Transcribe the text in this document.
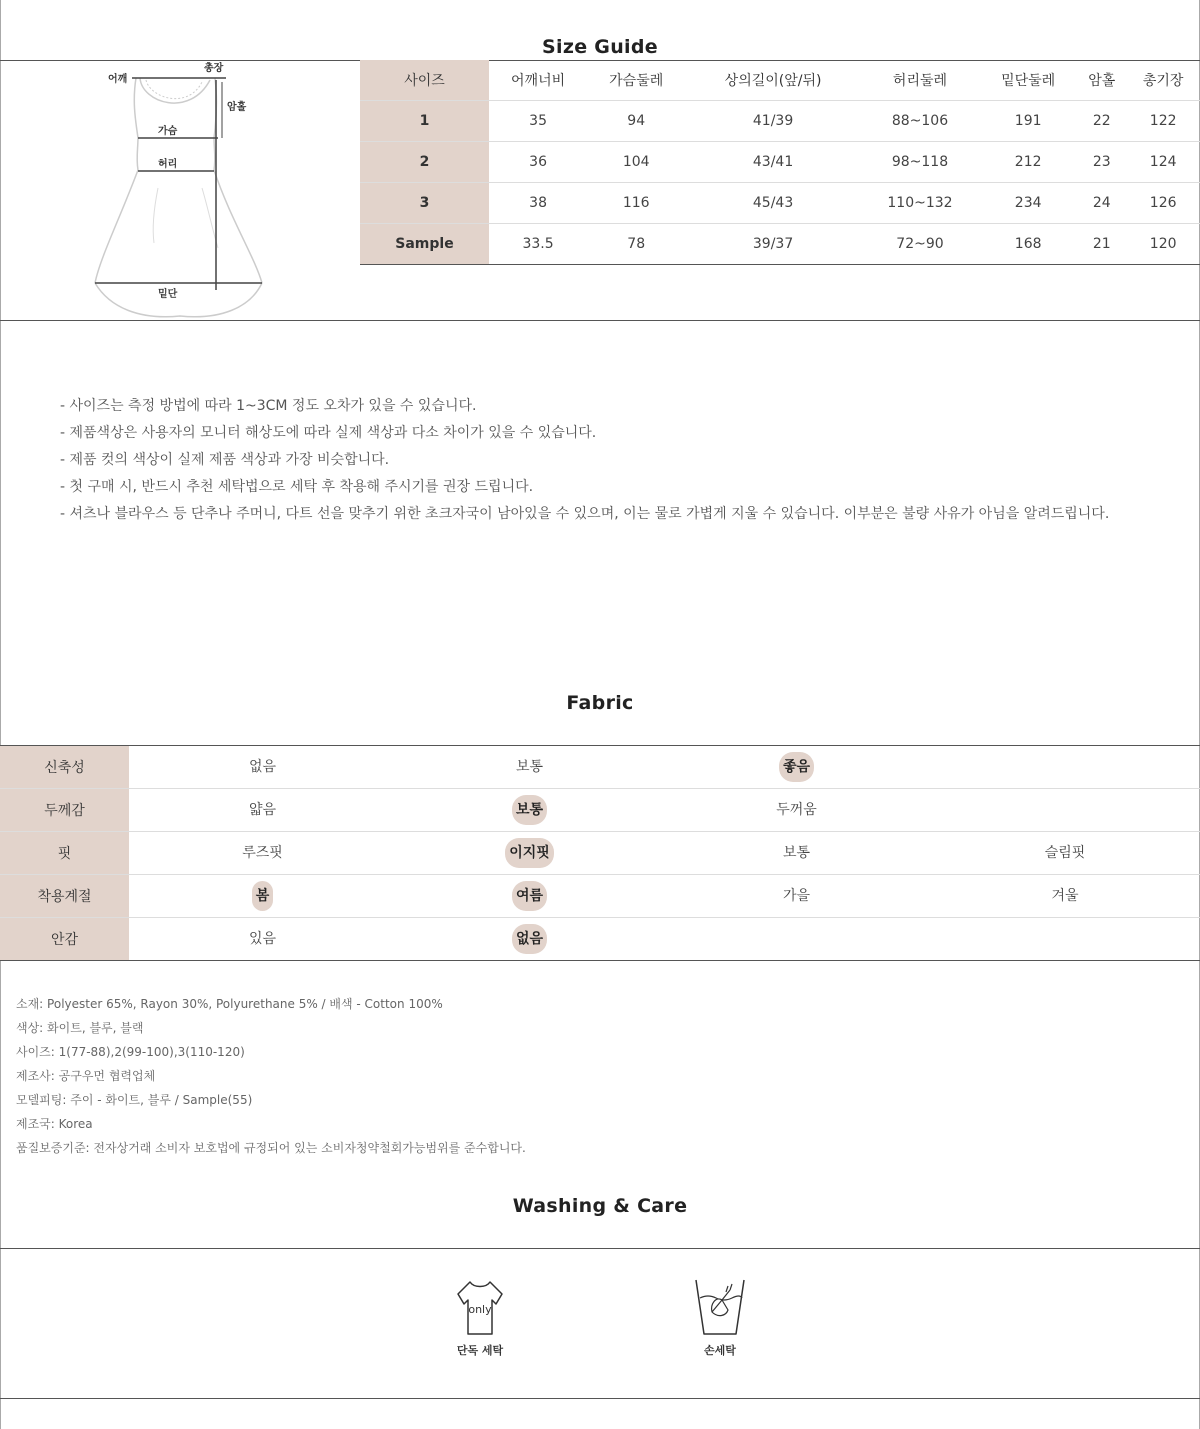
Size Guide
어깨
총장
암홀
가슴
허리
밑단
사이즈	어깨너비	가슴둘레	상의길이(앞/뒤)	허리둘레	밑단둘레	암홀	총기장
1	35	94	41/39	88~106	191	22	122
2	36	104	43/41	98~118	212	23	124
3	38	116	45/43	110~132	234	24	126
Sample	33.5	78	39/37	72~90	168	21	120
- 사이즈는 측정 방법에 따라 1~3CM 정도 오차가 있을 수 있습니다.
- 제품색상은 사용자의 모니터 해상도에 따라 실제 색상과 다소 차이가 있을 수 있습니다.
- 제품 컷의 색상이 실제 제품 색상과 가장 비슷합니다.
- 첫 구매 시, 반드시 추천 세탁법으로 세탁 후 착용해 주시기를 권장 드립니다.
- 셔츠나 블라우스 등 단추나 주머니, 다트 선을 맞추기 위한 초크자국이 남아있을 수 있으며, 이는 물로 가볍게 지울 수 있습니다. 이부분은 불량 사유가 아님을 알려드립니다.
Fabric
신축성	없음	보통	좋음	
두께감	얇음	보통	두꺼움	
핏	루즈핏	이지핏	보통	슬림핏
착용계절	봄	여름	가을	겨울
안감	있음	없음		
소재: Polyester 65%, Rayon 30%, Polyurethane 5% / 배색 - Cotton 100%
색상: 화이트, 블루, 블랙
사이즈: 1(77-88),2(99-100),3(110-120)
제조사: 공구우먼 협력업체
모델피팅: 주이 - 화이트, 블루 / Sample(55)
제조국: Korea
품질보증기준: 전자상거래 소비자 보호법에 규정되어 있는 소비자청약철회가능범위를 준수합니다.
Washing & Care
only
단독 세탁	손세탁
